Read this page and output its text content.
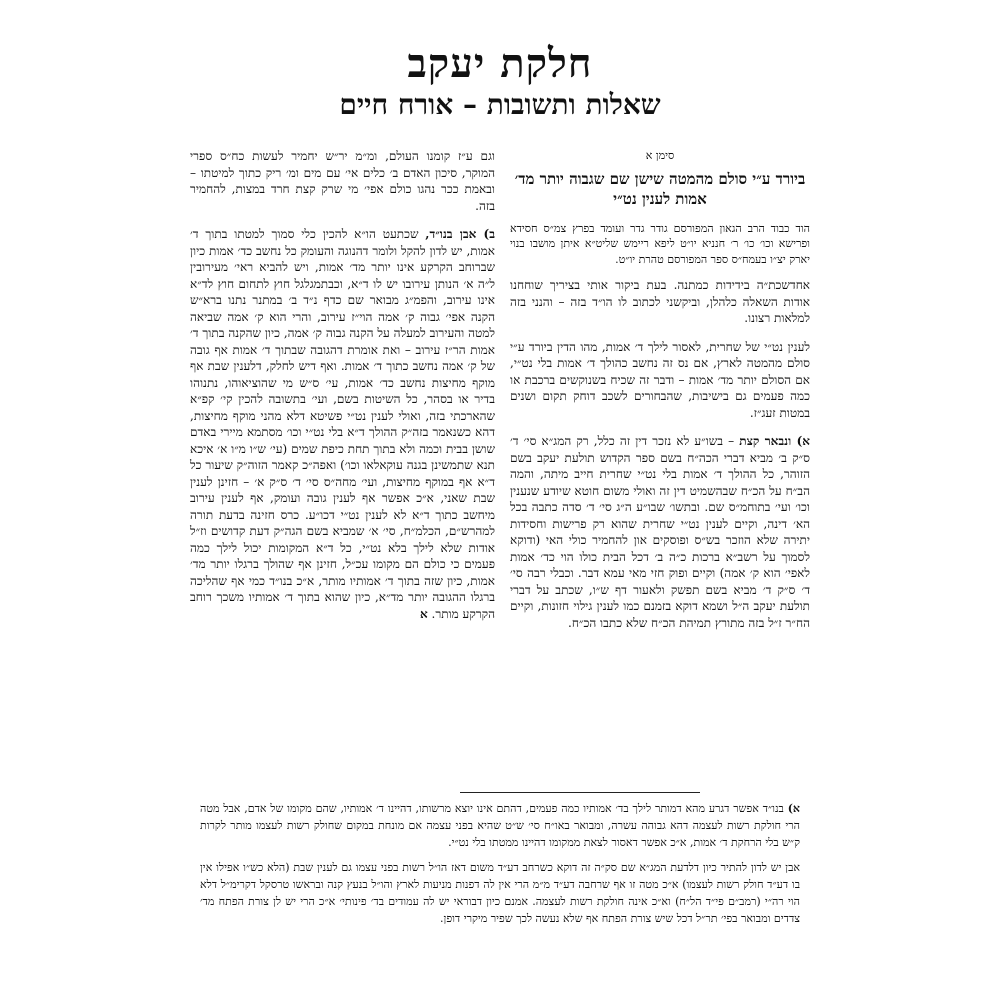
חלקת יעקב
שאלות ותשובות – אורח חיים
סימן א
ביורד ע״י סולם מהמטה שישן שם שגבוה יותר מד׳ אמות לענין נט״י
הוד כבוד הרב הגאון המפורסם גודר גדר ועומד בפרץ צמ״ס חסידא ופרישא וכו׳ כו׳ ר׳ חנניא יו״ט ליפא ריימש שליט״א איתן מושבו בנוי יארק יצ״ו בעמח״ס ספר המפורסם טהרת יו״ט.

אחדשכת״ה בידידות כמתנה. בעת ביקור אותי בציריך שוחחנו אודות השאלה כלהלן, וביקשני לכתוב לו הו״ד בזה – והנני בזה למלאות רצונו.

לענין נט״י של שחרית, לאסור לילך ד׳ אמות, מהו הדין ביורד ע״י סולם מהמטה לארץ, אם נס זה נחשב כהולך ד׳ אמות בלי נט״י, אם הסולם יותר מד׳ אמות – ודבר זה שכיח בשנוקשים ברכבת או כמה פעמים גם בישיבות, שהבחורים לשכב דוחק תקום ושנים במטות זעג״ז.

א) ונבאר קצת – בשו״ע לא נזכר דין זה כלל, רק המג״א סי׳ ד׳ ס״ק ב׳ מביא דברי הכה״ח בשם ספר הקדוש תולעת יעקב בשם הזוהר, כל ההולך ד׳ אמות בלי נט״י שחרית חייב מיתה, והמה הב״ח על הכ״ח שבהשמיט דין זה ואולי משום חוטא שיודע שנענין וכו׳ ועי׳ בתוחמ״ס שם. ובתשו׳ שבו״ע ה״ג סי׳ ד׳ סדה כתבה בכל הא׳ דינה, וקיים לענין נט״י שחרית שהוא רק פרישות וחסידות יתירה שלא הוזכר בש״ס ופוסקים און להחמיר כולי האי (ודוקא לסמוך על רשב״א ברכות כ״ה ב׳ דכל הבית כולו הוי כד׳ אמות לאפי׳ הוא ק׳ אמה) וקיים ופוק חזי מאי עמא דבר. וכבלי רבה סי׳ ד׳ ס״ק ד׳ מביא בשם תפשק ולאעור דף ש״ו, שכתב על דברי תולעת יעקב ה״ל ושמא דוקא בזמנם כמו לענין גילוי חזונות, וקיים הח״ר ז״ל בזה מתורץ תמיהת הכ״ח שלא כתבו הכ״ח.

וגם ע״ז קומנו העולם, ומ״מ יר״ש יחמיר לעשות כח״ס ספרי המוקר, סיכון האדם ב׳ כלים אי׳ עם מים ומ׳ ריק כתוך למיטתו – ובאמת ככר נהגו כולם אפי׳ מי שרק קצת חרד במצות, להחמיר בזה.

ב) אבן בנו״ד, שכתעט הו״א להכין כלי סמוך למטתו בתוך ד׳ אמות, יש לדון להקל ולומר דהנוגה והעומק כל נחשב כד׳ אמות כיון שברוחב הקרקע אינו יותר מד׳ אמות, ויש להביא ראי׳ מעירובין ל״ה א׳ הנותן עירובו יש לו ד״א, וכבתמגלגל חוץ לתחום חוץ לד״א אינו עירוב, והפמ״ג מבואר שם כדף נ״ד ב׳ במתנר נתנו ברא״ש הקנה אפי׳ גבוה ק׳ אמה הוי״ז עירוב, והרי הוא ק׳ אמה שביאה למטה והעירוב למעלה על הקנה גבוה ק׳ אמה, כיון שהקנה בתוך ד׳ אמות הר״ז עירוב – ואת אומרת דהגובה שבתוך ד׳ אמות אף גובה של ק׳ אמה נחשב כתוך ד׳ אמות. ואף דיש לחלק, דלענין שבת אף מוקף מחיצות נחשב כד׳ אמות, עי׳ ס״ש מי שהוציאוהו, נתנוהו בדיר או בסהר, כל השיטות בשם, ועי׳ בתשובה להכין קי׳ קפ״א שהארכתי בזה, ואולי לענין נט״י פשיטא דלא מהני מוקף מחיצות, דהא כשנאמר בזה״ק ההולך ד״א בלי נט״י וכו׳ מסתמא מיירי באדם שושן בבית וכמה ולא בתוך תחת כיפת שמים (עי׳ ש״ו מ״ו א׳ איכא תנא שתמשינן בגנה עוקאלאו וכו׳) ואפה״כ קאמר הזוה״ק שיעור כל ד״א אף במוקף מחיצות, ועי׳ מחה״ס סי׳ ד׳ ס״ק א׳ – חזינן לענין שבת שאני, א״כ אפשר אף לענין גובה ועומק, אף לענין עירוב מיחשב כתוך ד״א לא לענין נט״י דכו״ע. כרס חזינה בדעת תורה למהרש״ם, הכלמ״ח, סי׳ א׳ שמביא בשם הגה״ק דעת קדושים וז״ל אודות שלא לילך בלא נט״י, כל ד״א המקומות יכול לילך כמה פעמים כי כולם הם מקומו עכ״ל, חזינן אף שהולך ברגלו יותר מד׳ אמות, כיון שזה בתוך ד׳ אמותיו מותר, א״כ בנו״ד כמי אף שהליכה ברגלו ההגובה יותר מד״א, כיון שהוא בתוך ד׳ אמותיו משכך רוחב הקרקע מותר. א

א) בנו״ד אפשר דגרע מהא דמותר לילך בד׳ אמותיו כמה פעמים, דהתם אינו יוצא מרשותו, דהיינו ד׳ אמותיו, שהם מקומו של אדם, אבל מטה הרי חולקת רשות לעצמה דהא גבוהה עשרה, ומבואר באו״ח סי׳ ש״ט שהיא בפני עצמה אם מונחת במקום שחולק רשות לעצמו מותר לקרות ק״ש בלי הרחקת ד׳ אמות, א״כ אפשר דאסור לצאת ממקומו דהיינו ממטתו בלי נט״י.

אבן יש לדון להתיר כיון דלדעת המג״א שם סק״ה זה דוקא כשרחב דע״ד משום דאז הו״ל רשות בפני עצמו גם לענין שבת (הלא כש״ו אפילו אין בו דע״ד חולק רשות לעצמו) א״כ מטה זו אף שרחבה דע״ד מ״מ הרי אין לה דפנות מניעות לארץ והו״ל בנעץ קנה ובראשו טרסקל דקרימ״ל דלא הוי רה״י (רמב״ם פי״ד הל״ח) וא״כ אינה חולקת רשות לעצמה. אמנם כיון דבוראי יש לה עמודים בד׳ פינותי׳ א״כ הרי יש לן צורת הפתח מד׳ צדדים ומבואר בפי׳ תר״ל דכל שיש צורת הפתח אף שלא נעשה לכך שפיר מיקרי דופן.
